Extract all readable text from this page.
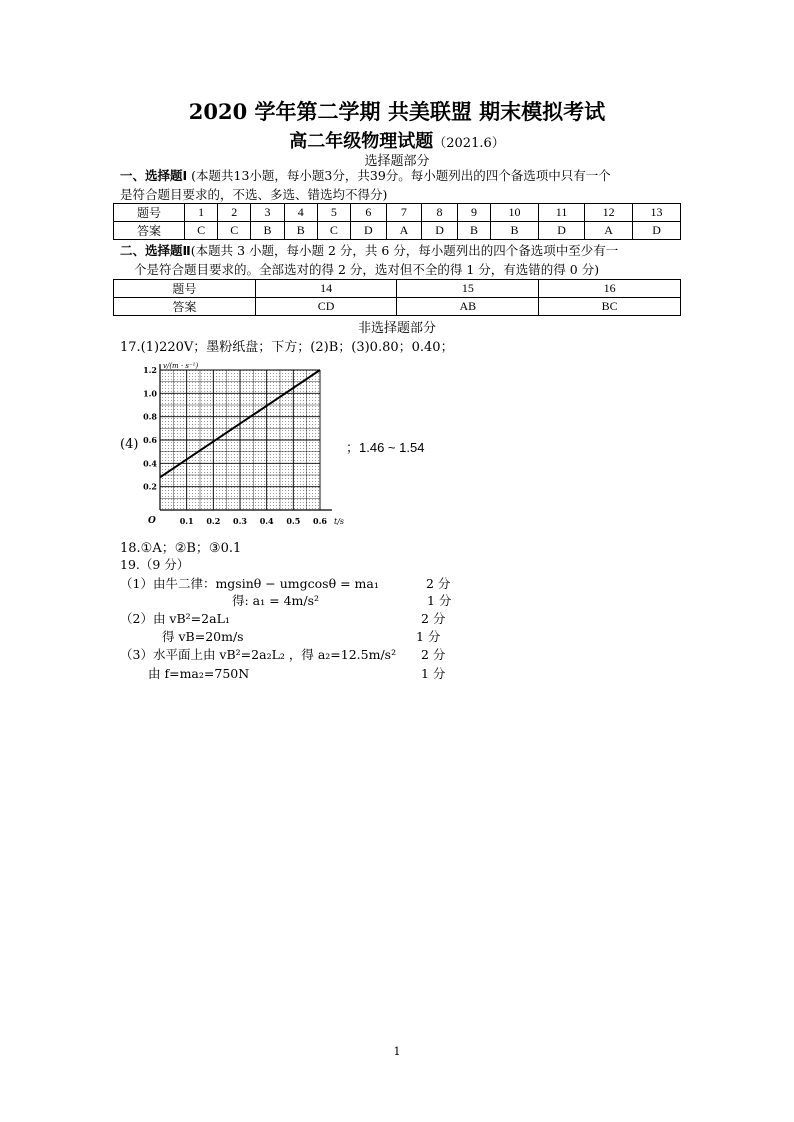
2020 学年第二学期 共美联盟 期末模拟考试
高二年级物理试题（2021.6）
选择题部分
一、选择题Ⅰ (本题共13小题，每小题3分，共39分。每小题列出的四个备选项中只有一个
是符合题目要求的，不选、多选、错选均不得分)
题号	1	2	3	4	5	6	7	8	9	10	11	12	13
答案	C	C	B	B	C	D	A	D	B	B	D	A	D
二、选择题Ⅱ(本题共 3 小题，每小题 2 分，共 6 分，每小题列出的四个备选项中至少有一
个是符合题目要求的。全部选对的得 2 分，选对但不全的得 1 分，有选错的得 0 分)
题号	14	15	16
答案	CD	AB	BC
非选择题部分
17.(1)220V；墨粉纸盘；下方；(2)B；(3)0.80；0.40；
(4)	；1.46 ~ 1.54
0.1 0.2 0.3 0.4 0.5 0.6
0.2
0.4
0.6
0.8
1.0
1.2 v/(m · s⁻¹)
t/s
O
18.①A；②B；③0.1
19.（9 分）
（1）由牛二律：mgsinθ − umgcosθ = ma₁	2 分
得: a₁ = 4m/s²	1 分
（2）由 vB²=2aL₁	2 分
得 vB=20m/s	1 分
（3）水平面上由 vB²=2a₂L₂ ，得 a₂=12.5m/s² 2 分
由 f=ma₂=750N	1 分
1
